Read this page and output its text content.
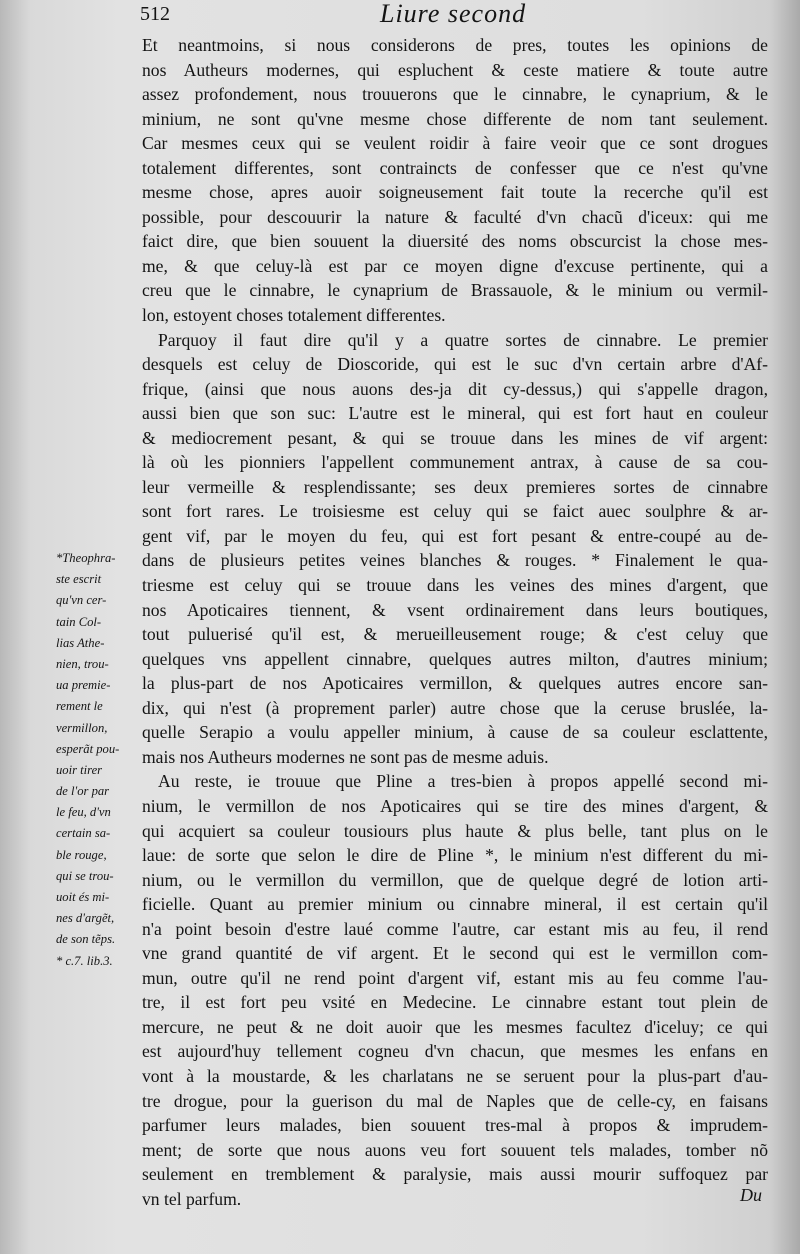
512	Liure second
Et neantmoins, si nous considerons de pres, toutes les opinions de
nos Autheurs modernes, qui espluchent & ceste matiere & toute autre
assez profondement, nous trouuerons que le cinnabre, le cynaprium, & le
minium, ne sont qu'vne mesme chose differente de nom tant seulement.
Car mesmes ceux qui se veulent roidir à faire veoir que ce sont drogues
totalement differentes, sont contraincts de confesser que ce n'est qu'vne
mesme chose, apres auoir soigneusement fait toute la recerche qu'il est
possible, pour descouurir la nature & faculté d'vn chacũ d'iceux: qui me
faict dire, que bien souuent la diuersité des noms obscurcist la chose mes-
me, & que celuy-là est par ce moyen digne d'excuse pertinente, qui a
creu que le cinnabre, le cynaprium de Brassauole, & le minium ou vermil-
lon, estoyent choses totalement differentes.
Parquoy il faut dire qu'il y a quatre sortes de cinnabre. Le premier
desquels est celuy de Dioscoride, qui est le suc d'vn certain arbre d'Af-
frique, (ainsi que nous auons des-ja dit cy-dessus,) qui s'appelle dragon,
aussi bien que son suc: L'autre est le mineral, qui est fort haut en couleur
& mediocrement pesant, & qui se trouue dans les mines de vif argent:
là où les pionniers l'appellent communement antrax, à cause de sa cou-
leur vermeille & resplendissante; ses deux premieres sortes de cinnabre
sont fort rares. Le troisiesme est celuy qui se faict auec soulphre & ar-
gent vif, par le moyen du feu, qui est fort pesant & entre-coupé au de-
dans de plusieurs petites veines blanches & rouges. * Finalement le qua-
triesme est celuy qui se trouue dans les veines des mines d'argent, que
nos Apoticaires tiennent, & vsent ordinairement dans leurs boutiques,
tout puluerisé qu'il est, & merueilleusement rouge; & c'est celuy que
quelques vns appellent cinnabre, quelques autres milton, d'autres minium;
la plus-part de nos Apoticaires vermillon, & quelques autres encore san-
dix, qui n'est (à proprement parler) autre chose que la ceruse bruslée, la-
quelle Serapio a voulu appeller minium, à cause de sa couleur esclattente,
mais nos Autheurs modernes ne sont pas de mesme aduis.
Au reste, ie trouue que Pline a tres-bien à propos appellé second mi-
nium, le vermillon de nos Apoticaires qui se tire des mines d'argent, &
qui acquiert sa couleur tousiours plus haute & plus belle, tant plus on le
laue: de sorte que selon le dire de Pline *, le minium n'est different du mi-
nium, ou le vermillon du vermillon, que de quelque degré de lotion arti-
ficielle. Quant au premier minium ou cinnabre mineral, il est certain qu'il
n'a point besoin d'estre laué comme l'autre, car estant mis au feu, il rend
vne grand quantité de vif argent. Et le second qui est le vermillon com-
mun, outre qu'il ne rend point d'argent vif, estant mis au feu comme l'au-
tre, il est fort peu vsité en Medecine. Le cinnabre estant tout plein de
mercure, ne peut & ne doit auoir que les mesmes facultez d'iceluy; ce qui
est aujourd'huy tellement cogneu d'vn chacun, que mesmes les enfans en
vont à la moustarde, & les charlatans ne se seruent pour la plus-part d'au-
tre drogue, pour la guerison du mal de Naples que de celle-cy, en faisans
parfumer leurs malades, bien souuent tres-mal à propos & imprudem-
ment; de sorte que nous auons veu fort souuent tels malades, tomber nõ
seulement en tremblement & paralysie, mais aussi mourir suffoquez par
vn tel parfum.
*Theophra-
ste escrit
qu'vn cer-
tain Col-
lias Athe-
nien, trou-
ua premie-
rement le
vermillon,
esperãt pou-
uoir tirer
de l'or par
le feu, d'vn
certain sa-
ble rouge,
qui se trou-
uoit és mi-
nes d'argẽt,
de son tẽps.
* c.7. lib.3.
Du
